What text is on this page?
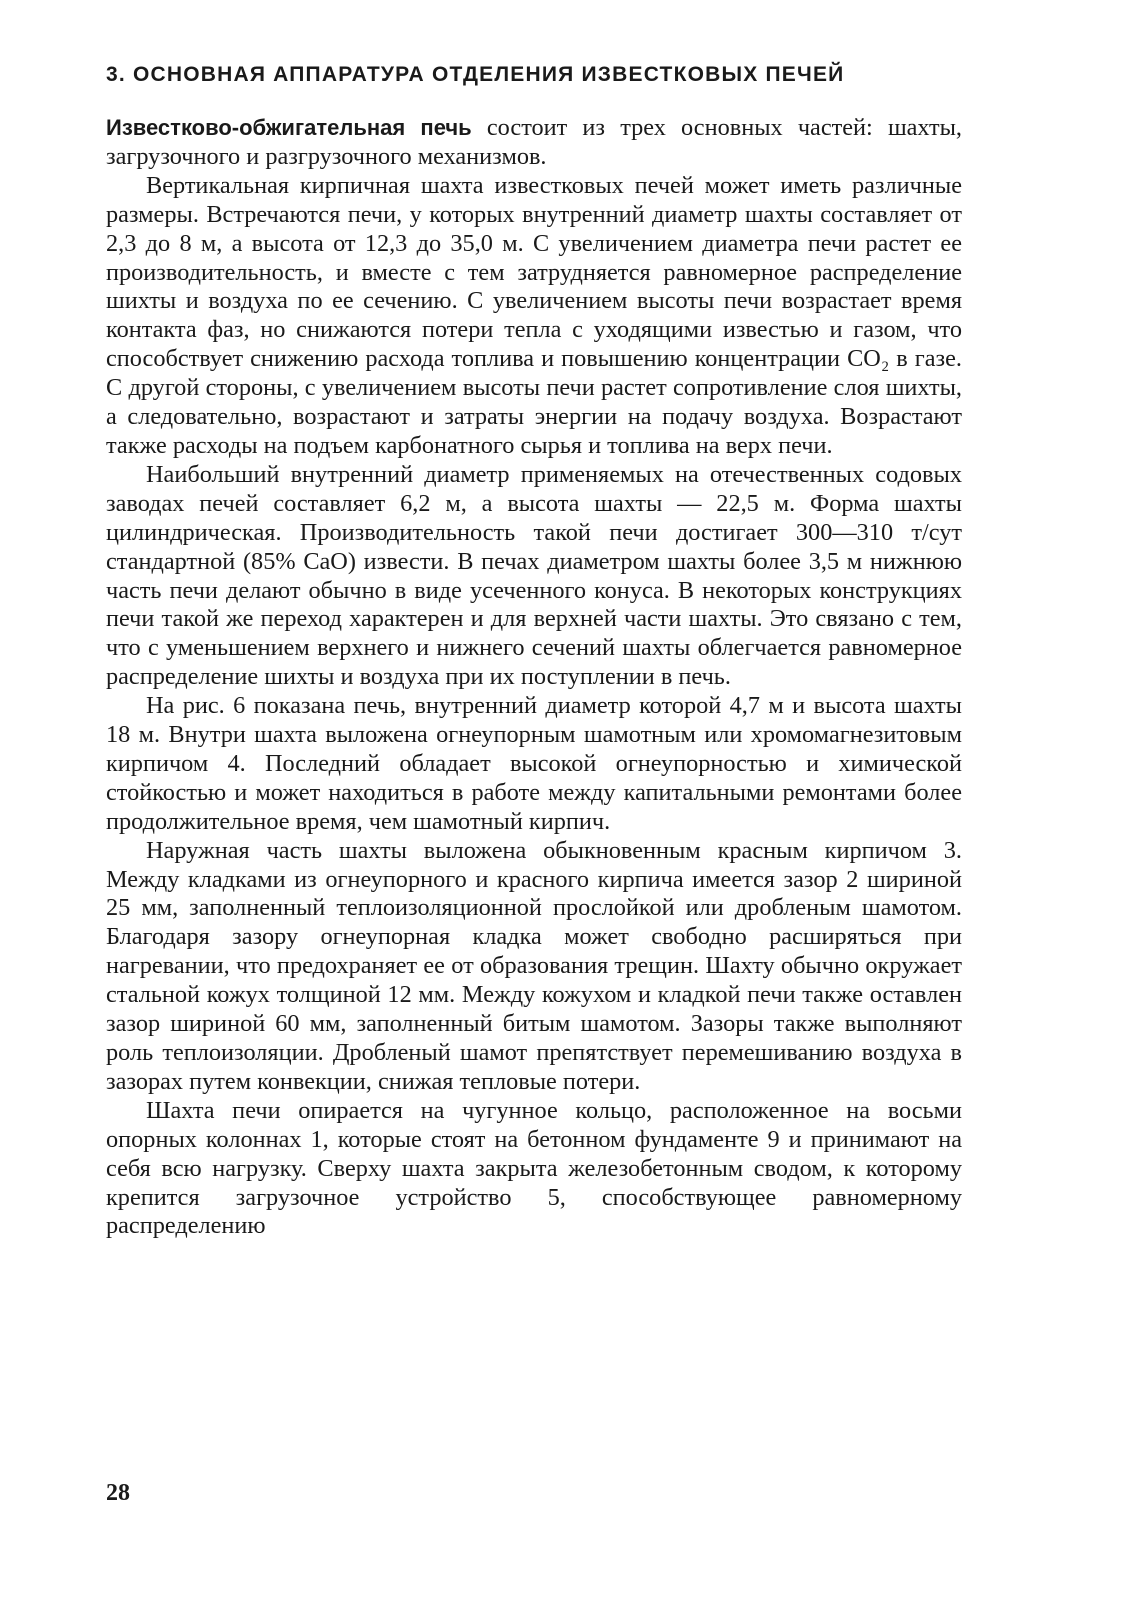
3. ОСНОВНАЯ АППАРАТУРА ОТДЕЛЕНИЯ ИЗВЕСТКОВЫХ ПЕЧЕЙ

Известково-обжигательная печь состоит из трех основных частей: шахты, загрузочного и разгрузочного механизмов.

Вертикальная кирпичная шахта известковых печей может иметь различные размеры. Встречаются печи, у которых внутренний диаметр шахты составляет от 2,3 до 8 м, а высота от 12,3 до 35,0 м. С увеличением диаметра печи растет ее производительность, и вместе с тем затрудняется равномерное распределение шихты и воздуха по ее сечению. С увеличением высоты печи возрастает время контакта фаз, но снижаются потери тепла с уходящими известью и газом, что способствует снижению расхода топлива и повышению концентрации CO₂ в газе. С другой стороны, с увеличением высоты печи растет сопротивление слоя шихты, а следовательно, возрастают и затраты энергии на подачу воздуха. Возрастают также расходы на подъем карбонатного сырья и топлива на верх печи.

Наибольший внутренний диаметр применяемых на отечественных содовых заводах печей составляет 6,2 м, а высота шахты — 22,5 м. Форма шахты цилиндрическая. Производительность такой печи достигает 300—310 т/сут стандартной (85% CaO) извести. В печах диаметром шахты более 3,5 м нижнюю часть печи делают обычно в виде усеченного конуса. В некоторых конструкциях печи такой же переход характерен и для верхней части шахты. Это связано с тем, что с уменьшением верхнего и нижнего сечений шахты облегчается равномерное распределение шихты и воздуха при их поступлении в печь.

На рис. 6 показана печь, внутренний диаметр которой 4,7 м и высота шахты 18 м. Внутри шахта выложена огнеупорным шамотным или хромомагнезитовым кирпичом 4. Последний обладает высокой огнеупорностью и химической стойкостью и может находиться в работе между капитальными ремонтами более продолжительное время, чем шамотный кирпич.

Наружная часть шахты выложена обыкновенным красным кирпичом 3. Между кладками из огнеупорного и красного кирпича имеется зазор 2 шириной 25 мм, заполненный теплоизоляционной прослойкой или дробленым шамотом. Благодаря зазору огнеупорная кладка может свободно расширяться при нагревании, что предохраняет ее от образования трещин. Шахту обычно окружает стальной кожух толщиной 12 мм. Между кожухом и кладкой печи также оставлен зазор шириной 60 мм, заполненный битым шамотом. Зазоры также выполняют роль теплоизоляции. Дробленый шамот препятствует перемешиванию воздуха в зазорах путем конвекции, снижая тепловые потери.

Шахта печи опирается на чугунное кольцо, расположенное на восьми опорных колоннах 1, которые стоят на бетонном фундаменте 9 и принимают на себя всю нагрузку. Сверху шахта закрыта железобетонным сводом, к которому крепится загрузочное устройство 5, способствующее равномерному распределению

28
